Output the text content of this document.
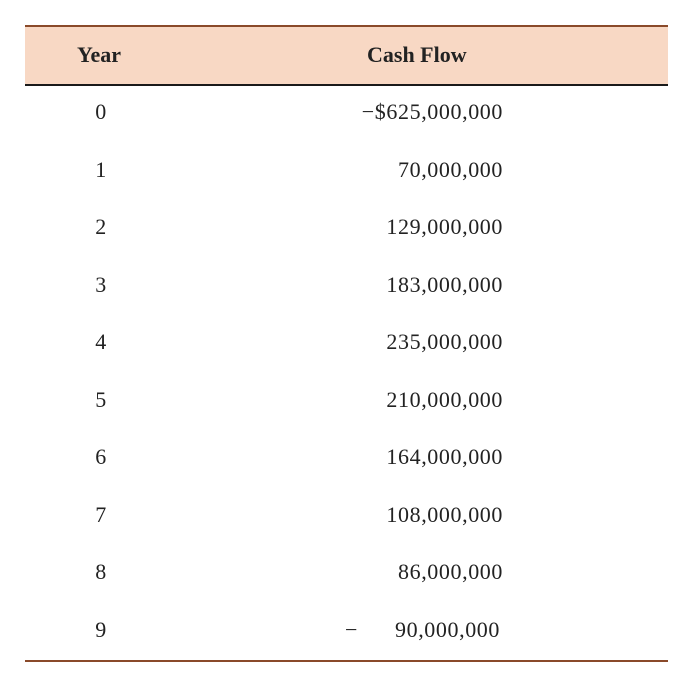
Year	Cash Flow
0	−$625,000,000
1	70,000,000
2	129,000,000
3	183,000,000
4	235,000,000
5	210,000,000
6	164,000,000
7	108,000,000
8	86,000,000
9	− 90,000,000
